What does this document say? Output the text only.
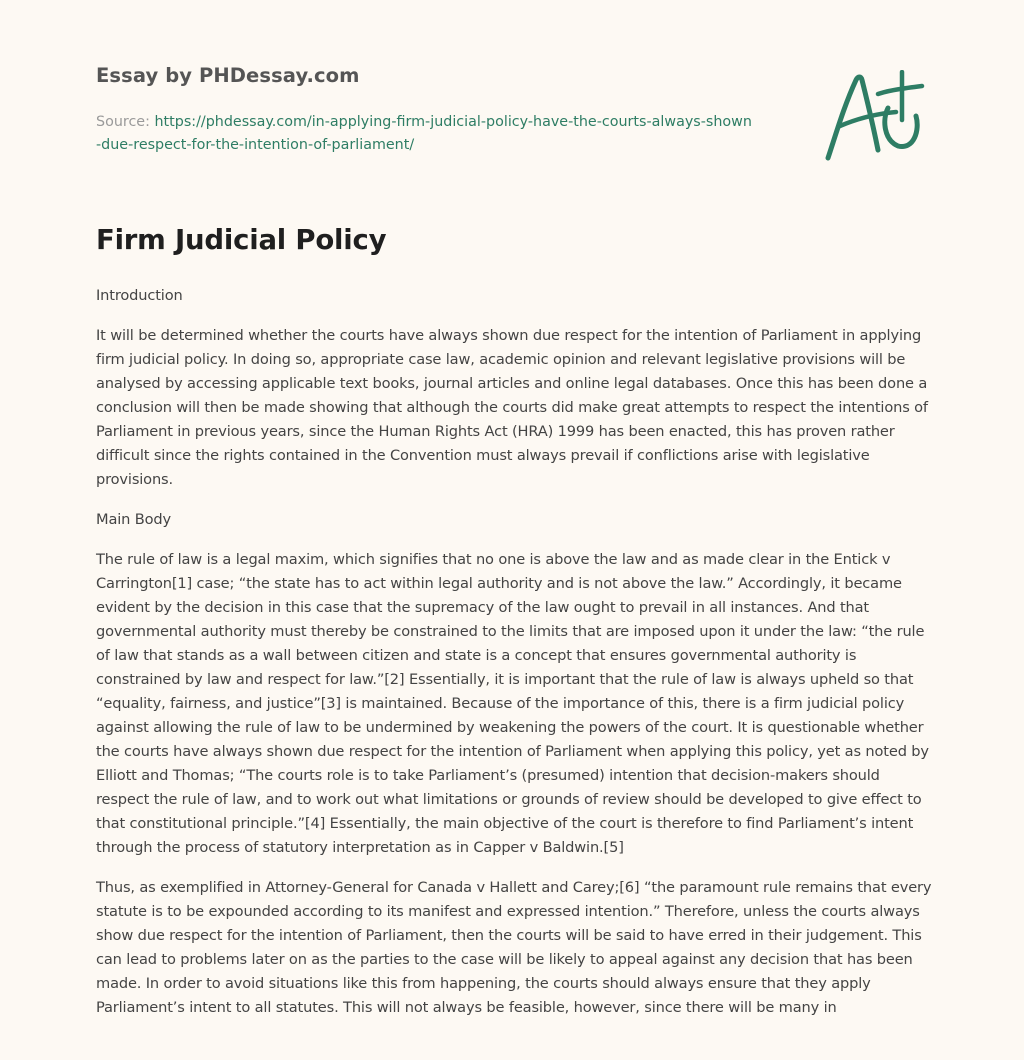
Essay by PHDessay.com
Source: https://phdessay.com/in-applying-firm-judicial-policy-have-the-courts-always-shown-due-respect-for-the-intention-of-parliament/
Firm Judicial Policy

Introduction

It will be determined whether the courts have always shown due respect for the intention of Parliament in applying firm judicial policy. In doing so, appropriate case law, academic opinion and relevant legislative provisions will be analysed by accessing applicable text books, journal articles and online legal databases. Once this has been done a conclusion will then be made showing that although the courts did make great attempts to respect the intentions of Parliament in previous years, since the Human Rights Act (HRA) 1999 has been enacted, this has proven rather difficult since the rights contained in the Convention must always prevail if conflictions arise with legislative provisions.

Main Body

The rule of law is a legal maxim, which signifies that no one is above the law and as made clear in the Entick v Carrington[1] case; “the state has to act within legal authority and is not above the law.” Accordingly, it became evident by the decision in this case that the supremacy of the law ought to prevail in all instances. And that governmental authority must thereby be constrained to the limits that are imposed upon it under the law: “the rule of law that stands as a wall between citizen and state is a concept that ensures governmental authority is constrained by law and respect for law.”[2] Essentially, it is important that the rule of law is always upheld so that “equality, fairness, and justice”[3] is maintained. Because of the importance of this, there is a firm judicial policy against allowing the rule of law to be undermined by weakening the powers of the court. It is questionable whether the courts have always shown due respect for the intention of Parliament when applying this policy, yet as noted by Elliott and Thomas; “The courts role is to take Parliament’s (presumed) intention that decision-makers should respect the rule of law, and to work out what limitations or grounds of review should be developed to give effect to that constitutional principle.”[4] Essentially, the main objective of the court is therefore to find Parliament’s intent through the process of statutory interpretation as in Capper v Baldwin.[5]

Thus, as exemplified in Attorney-General for Canada v Hallett and Carey;[6] “the paramount rule remains that every statute is to be expounded according to its manifest and expressed intention.” Therefore, unless the courts always show due respect for the intention of Parliament, then the courts will be said to have erred in their judgement. This can lead to problems later on as the parties to the case will be likely to appeal against any decision that has been made. In order to avoid situations like this from happening, the courts should always ensure that they apply Parliament’s intent to all statutes. This will not always be feasible, however, since there will be many in
